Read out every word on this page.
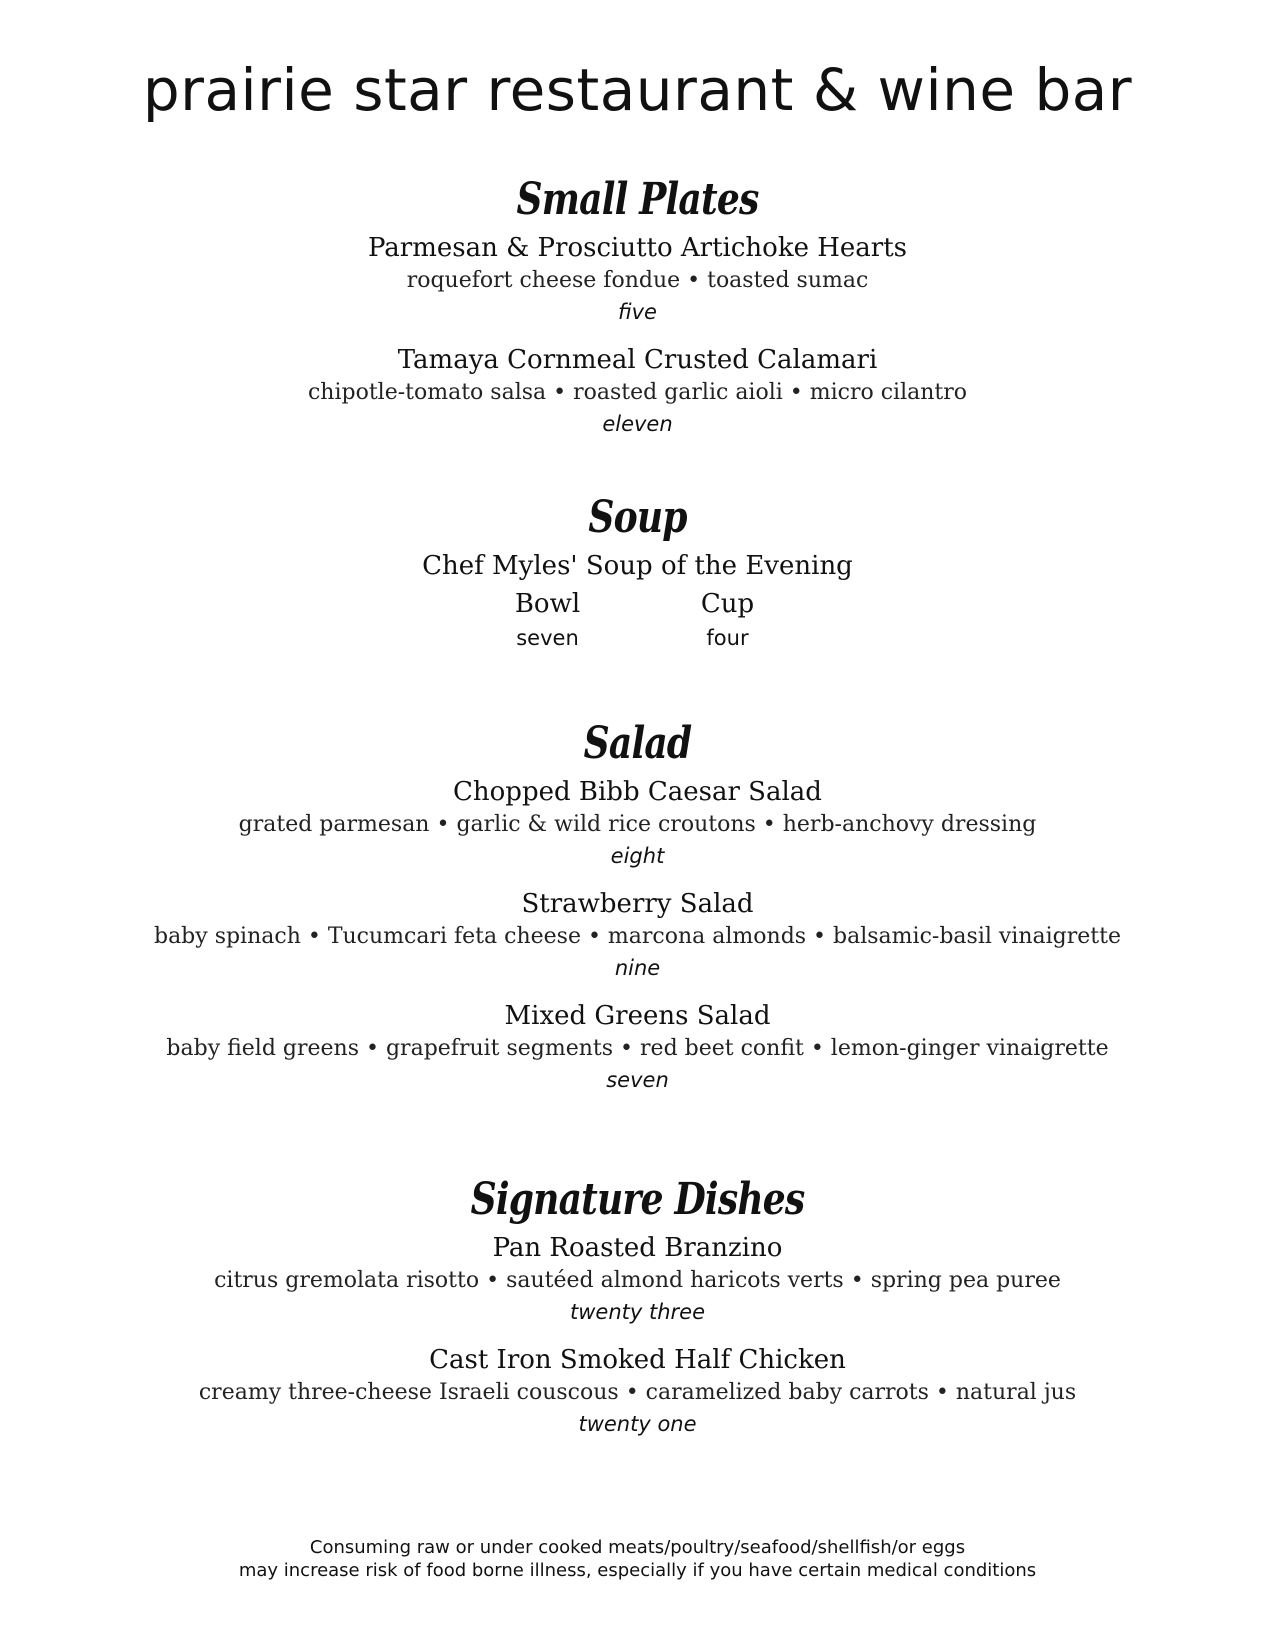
prairie star restaurant & wine bar
Small Plates
Parmesan & Prosciutto Artichoke Hearts
roquefort cheese fondue • toasted sumac
five
Tamaya Cornmeal Crusted Calamari
chipotle-tomato salsa • roasted garlic aioli • micro cilantro
eleven
Soup
Chef Myles' Soup of the Evening
Bowl
seven
Cup
four
Salad
Chopped Bibb Caesar Salad
grated parmesan • garlic & wild rice croutons • herb-anchovy dressing
eight
Strawberry Salad
baby spinach • Tucumcari feta cheese • marcona almonds • balsamic-basil vinaigrette
nine
Mixed Greens Salad
baby field greens • grapefruit segments • red beet confit • lemon-ginger vinaigrette
seven
Signature Dishes
Pan Roasted Branzino
citrus gremolata risotto • sautéed almond haricots verts • spring pea puree
twenty three
Cast Iron Smoked Half Chicken
creamy three-cheese Israeli couscous • caramelized baby carrots • natural jus
twenty one
Consuming raw or under cooked meats/poultry/seafood/shellfish/or eggs
may increase risk of food borne illness, especially if you have certain medical conditions
